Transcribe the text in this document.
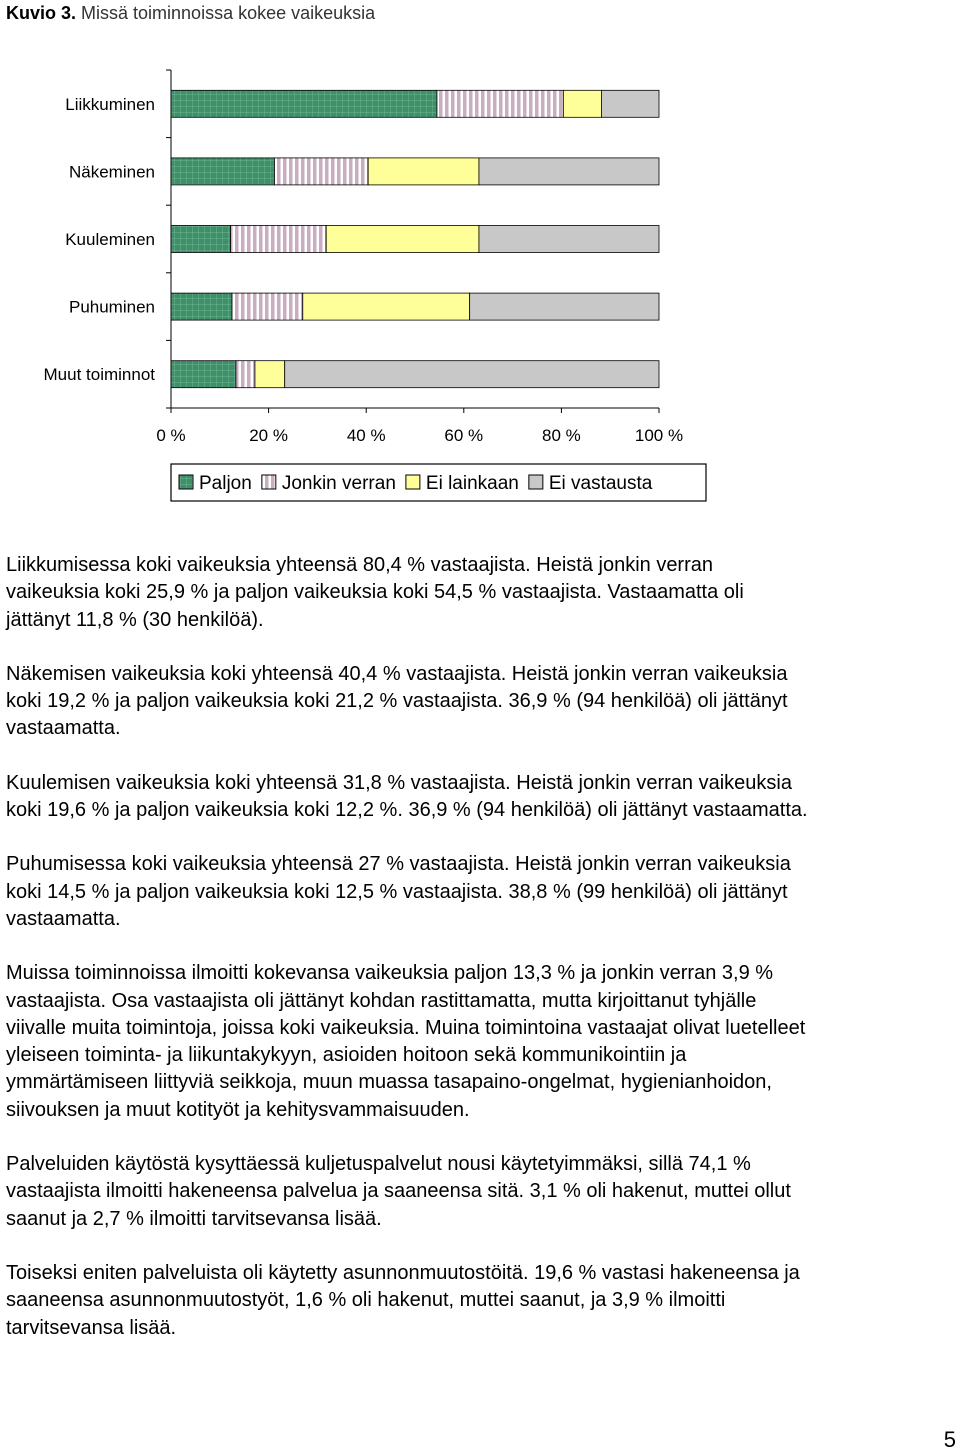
Kuvio 3. Missä toiminnoissa kokee vaikeuksia
0 %	20 %	40 %	60 %	80 %	100 %
Liikkuminen
Näkeminen
Kuuleminen
Puhuminen
Muut toiminnot
Paljon Jonkin verran Ei lainkaan Ei vastausta

Liikkumisessa koki vaikeuksia yhteensä 80,4 % vastaajista. Heistä jonkin verran
vaikeuksia koki 25,9 % ja paljon vaikeuksia koki 54,5 % vastaajista. Vastaamatta oli
jättänyt 11,8 % (30 henkilöä).

Näkemisen vaikeuksia koki yhteensä 40,4 % vastaajista. Heistä jonkin verran vaikeuksia
koki 19,2 % ja paljon vaikeuksia koki 21,2 % vastaajista. 36,9 % (94 henkilöä) oli jättänyt
vastaamatta.

Kuulemisen vaikeuksia koki yhteensä 31,8 % vastaajista. Heistä jonkin verran vaikeuksia
koki 19,6 % ja paljon vaikeuksia koki 12,2 %. 36,9 % (94 henkilöä) oli jättänyt vastaamatta.

Puhumisessa koki vaikeuksia yhteensä 27 % vastaajista. Heistä jonkin verran vaikeuksia
koki 14,5 % ja paljon vaikeuksia koki 12,5 % vastaajista. 38,8 % (99 henkilöä) oli jättänyt
vastaamatta.

Muissa toiminnoissa ilmoitti kokevansa vaikeuksia paljon 13,3 % ja jonkin verran 3,9 %
vastaajista. Osa vastaajista oli jättänyt kohdan rastittamatta, mutta kirjoittanut tyhjälle
viivalle muita toimintoja, joissa koki vaikeuksia. Muina toimintoina vastaajat olivat luetelleet
yleiseen toiminta- ja liikuntakykyyn, asioiden hoitoon sekä kommunikointiin ja
ymmärtämiseen liittyviä seikkoja, muun muassa tasapaino-ongelmat, hygienianhoidon,
siivouksen ja muut kotityöt ja kehitysvammaisuuden.

Palveluiden käytöstä kysyttäessä kuljetuspalvelut nousi käytetyimmäksi, sillä 74,1 %
vastaajista ilmoitti hakeneensa palvelua ja saaneensa sitä. 3,1 % oli hakenut, muttei ollut
saanut ja 2,7 % ilmoitti tarvitsevansa lisää.

Toiseksi eniten palveluista oli käytetty asunnonmuutostöitä. 19,6 % vastasi hakeneensa ja
saaneensa asunnonmuutostyöt, 1,6 % oli hakenut, muttei saanut, ja 3,9 % ilmoitti
tarvitsevansa lisää.

5
